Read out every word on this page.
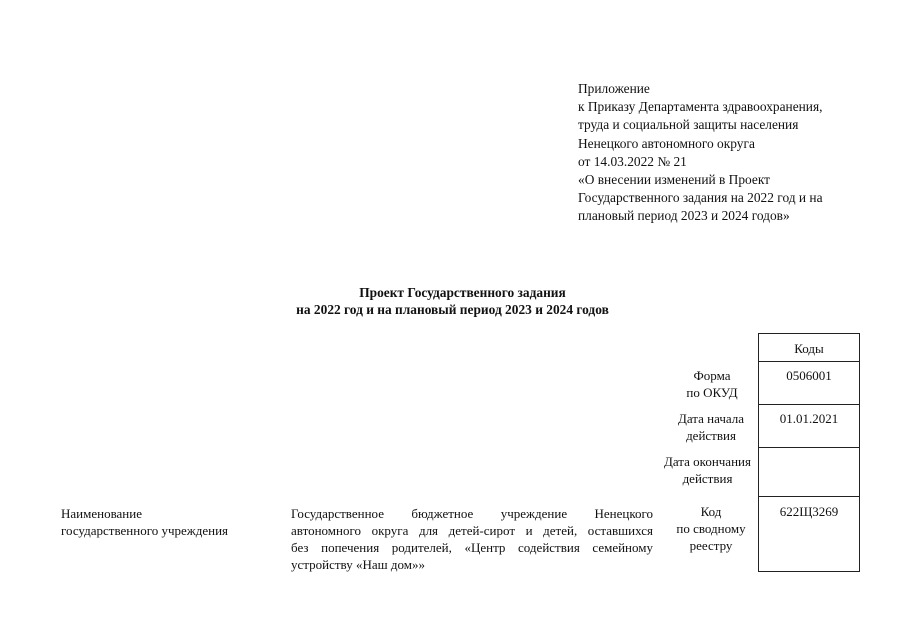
Приложение
к Приказу Департамента здравоохранения,
труда и социальной защиты населения
Ненецкого автономного округа
от 14.03.2022 № 21
«О внесении изменений в Проект
Государственного задания на 2022 год и на
плановый период 2023 и 2024 годов»
Проект Государственного задания
на 2022 год и на плановый период 2023 и 2024 годов
Форма
по ОКУД
Дата начала
действия
Дата окончания
действия
Код
по сводному
реестру
Коды
0506001
01.01.2021
622Щ3269
Наименование
государственного учреждения
Государственное бюджетное учреждение Ненецкого
автономного округа для детей-сирот и детей, оставшихся
без попечения родителей, «Центр содействия семейному
устройству «Наш дом»»
